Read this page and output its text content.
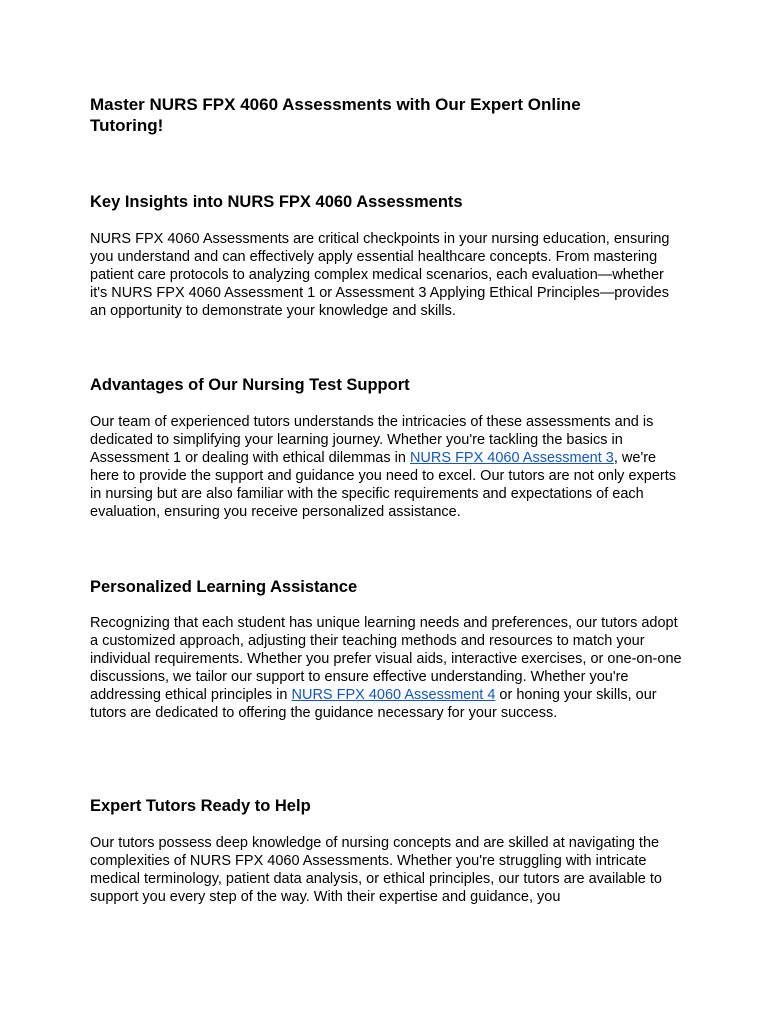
Master NURS FPX 4060 Assessments with Our Expert Online Tutoring!
Key Insights into NURS FPX 4060 Assessments

NURS FPX 4060 Assessments are critical checkpoints in your nursing education, ensuring you understand and can effectively apply essential healthcare concepts. From mastering patient care protocols to analyzing complex medical scenarios, each evaluation—whether it's NURS FPX 4060 Assessment 1 or Assessment 3 Applying Ethical Principles—provides an opportunity to demonstrate your knowledge and skills.

Advantages of Our Nursing Test Support

Our team of experienced tutors understands the intricacies of these assessments and is dedicated to simplifying your learning journey. Whether you're tackling the basics in Assessment 1 or dealing with ethical dilemmas in NURS FPX 4060 Assessment 3, we're here to provide the support and guidance you need to excel. Our tutors are not only experts in nursing but are also familiar with the specific requirements and expectations of each evaluation, ensuring you receive personalized assistance.

Personalized Learning Assistance

Recognizing that each student has unique learning needs and preferences, our tutors adopt a customized approach, adjusting their teaching methods and resources to match your individual requirements. Whether you prefer visual aids, interactive exercises, or one-on-one discussions, we tailor our support to ensure effective understanding. Whether you're addressing ethical principles in NURS FPX 4060 Assessment 4 or honing your skills, our tutors are dedicated to offering the guidance necessary for your success.

Expert Tutors Ready to Help

Our tutors possess deep knowledge of nursing concepts and are skilled at navigating the complexities of NURS FPX 4060 Assessments. Whether you're struggling with intricate medical terminology, patient data analysis, or ethical principles, our tutors are available to support you every step of the way. With their expertise and guidance, you
